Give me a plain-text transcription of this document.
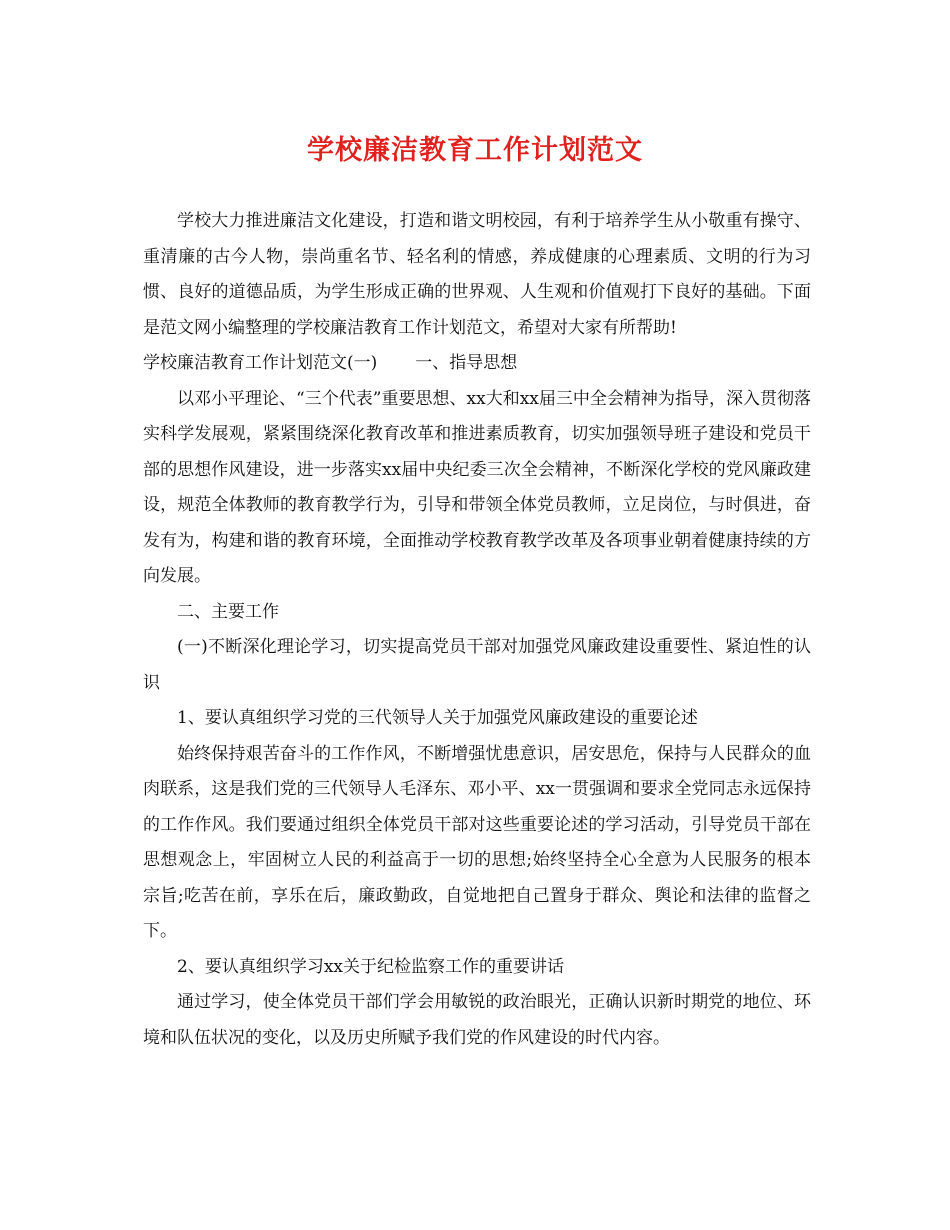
学校廉洁教育工作计划范文

学校大力推进廉洁文化建设，打造和谐文明校园，有利于培养学生从小敬重有操守、重清廉的古今人物，崇尚重名节、轻名利的情感，养成健康的心理素质、文明的行为习惯、良好的道德品质，为学生形成正确的世界观、人生观和价值观打下良好的基础。下面是范文网小编整理的学校廉洁教育工作计划范文，希望对大家有所帮助!

学校廉洁教育工作计划范文(一) 一、指导思想

以邓小平理论、“三个代表”重要思想、xx大和xx届三中全会精神为指导，深入贯彻落实科学发展观，紧紧围绕深化教育改革和推进素质教育，切实加强领导班子建设和党员干部的思想作风建设，进一步落实xx届中央纪委三次全会精神，不断深化学校的党风廉政建设，规范全体教师的教育教学行为，引导和带领全体党员教师，立足岗位，与时俱进，奋发有为，构建和谐的教育环境，全面推动学校教育教学改革及各项事业朝着健康持续的方向发展。

二、主要工作

(一)不断深化理论学习，切实提高党员干部对加强党风廉政建设重要性、紧迫性的认识

1、要认真组织学习党的三代领导人关于加强党风廉政建设的重要论述

始终保持艰苦奋斗的工作作风，不断增强忧患意识，居安思危，保持与人民群众的血肉联系，这是我们党的三代领导人毛泽东、邓小平、xx一贯强调和要求全党同志永远保持的工作作风。我们要通过组织全体党员干部对这些重要论述的学习活动，引导党员干部在思想观念上，牢固树立人民的利益高于一切的思想;始终坚持全心全意为人民服务的根本宗旨;吃苦在前，享乐在后，廉政勤政，自觉地把自己置身于群众、舆论和法律的监督之下。

2、要认真组织学习xx关于纪检监察工作的重要讲话

通过学习，使全体党员干部们学会用敏锐的政治眼光，正确认识新时期党的地位、环境和队伍状况的变化，以及历史所赋予我们党的作风建设的时代内容。
